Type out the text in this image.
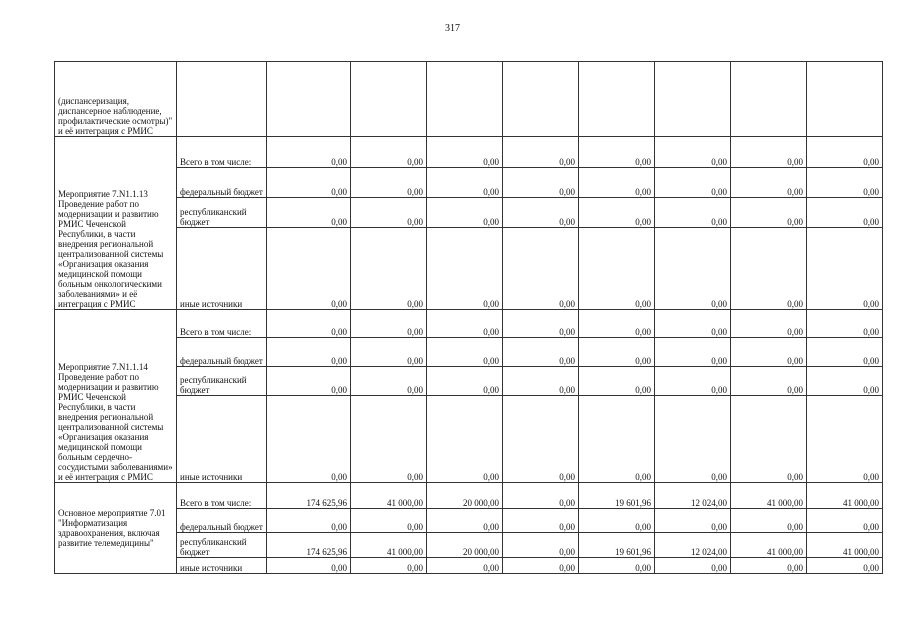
317
(диспансеризация, диспансерное наблюдение, профилактические осмотры)" и её интеграция с РМИС									
Мероприятие 7.N1.1.13 Проведение работ по модернизации и развитию РМИС Чеченской Республики, в части внедрения региональной централизованной системы «Организация оказания медицинской помощи больным онкологическими заболеваниями» и её интеграция с РМИС	Всего в том числе:	0,00	0,00	0,00	0,00	0,00	0,00	0,00	0,00
	федеральный бюджет	0,00	0,00	0,00	0,00	0,00	0,00	0,00	0,00
	республиканский бюджет	0,00	0,00	0,00	0,00	0,00	0,00	0,00	0,00
	иные источники	0,00	0,00	0,00	0,00	0,00	0,00	0,00	0,00
Мероприятие 7.N1.1.14 Проведение работ по модернизации и развитию РМИС Чеченской Республики, в части внедрения региональной централизованной системы «Организация оказания медицинской помощи больным сердечно-сосудистыми заболеваниями» и её интеграция с РМИС	Всего в том числе:	0,00	0,00	0,00	0,00	0,00	0,00	0,00	0,00
	федеральный бюджет	0,00	0,00	0,00	0,00	0,00	0,00	0,00	0,00
	республиканский бюджет	0,00	0,00	0,00	0,00	0,00	0,00	0,00	0,00
	иные источники	0,00	0,00	0,00	0,00	0,00	0,00	0,00	0,00
Основное мероприятие 7.01 "Информатизация здравоохранения, включая развитие телемедицины"	Всего в том числе:	174 625,96	41 000,00	20 000,00	0,00	19 601,96	12 024,00	41 000,00	41 000,00
	федеральный бюджет	0,00	0,00	0,00	0,00	0,00	0,00	0,00	0,00
	республиканский бюджет	174 625,96	41 000,00	20 000,00	0,00	19 601,96	12 024,00	41 000,00	41 000,00
	иные источники	0,00	0,00	0,00	0,00	0,00	0,00	0,00	0,00
